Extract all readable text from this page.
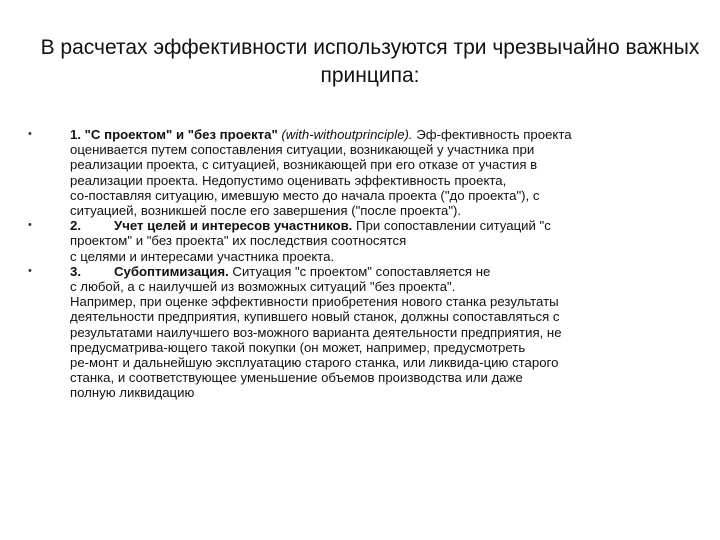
В расчетах эффективности используются три чрезвычайно важных
принципа:
•	1. "С проектом" и "без проекта" (with-withoutprinciple). Эф-фективность проекта

оценивается путем сопоставления ситуации, возникающей у участника при

реализации проекта, с ситуацией, возникающей при его отказе от участия в

реализации проекта. Недопустимо оценивать эффективность проекта,

со-поставляя ситуацию, имевшую место до начала проекта ("до проекта"), с

ситуацией, возникшей после его завершения ("после проекта").

•	2.	Учет целей и интересов участников. При сопоставлении ситуаций "с

проектом" и "без проекта" их последствия соотносятся

с целями и интересами участника проекта.

•	3.	Субоптимизация. Ситуация "с проектом" сопоставляется не

с любой, а с наилучшей из возможных ситуаций "без проекта".

Например, при оценке эффективности приобретения нового станка результаты

деятельности предприятия, купившего новый станок, должны сопоставляться с

результатами наилучшего воз-можного варианта деятельности предприятия, не

предусматрива-ющего такой покупки (он может, например, предусмотреть

ре-монт и дальнейшую эксплуатацию старого станка, или ликвида-цию старого

станка, и соответствующее уменьшение объемов производства или даже

полную ликвидацию
